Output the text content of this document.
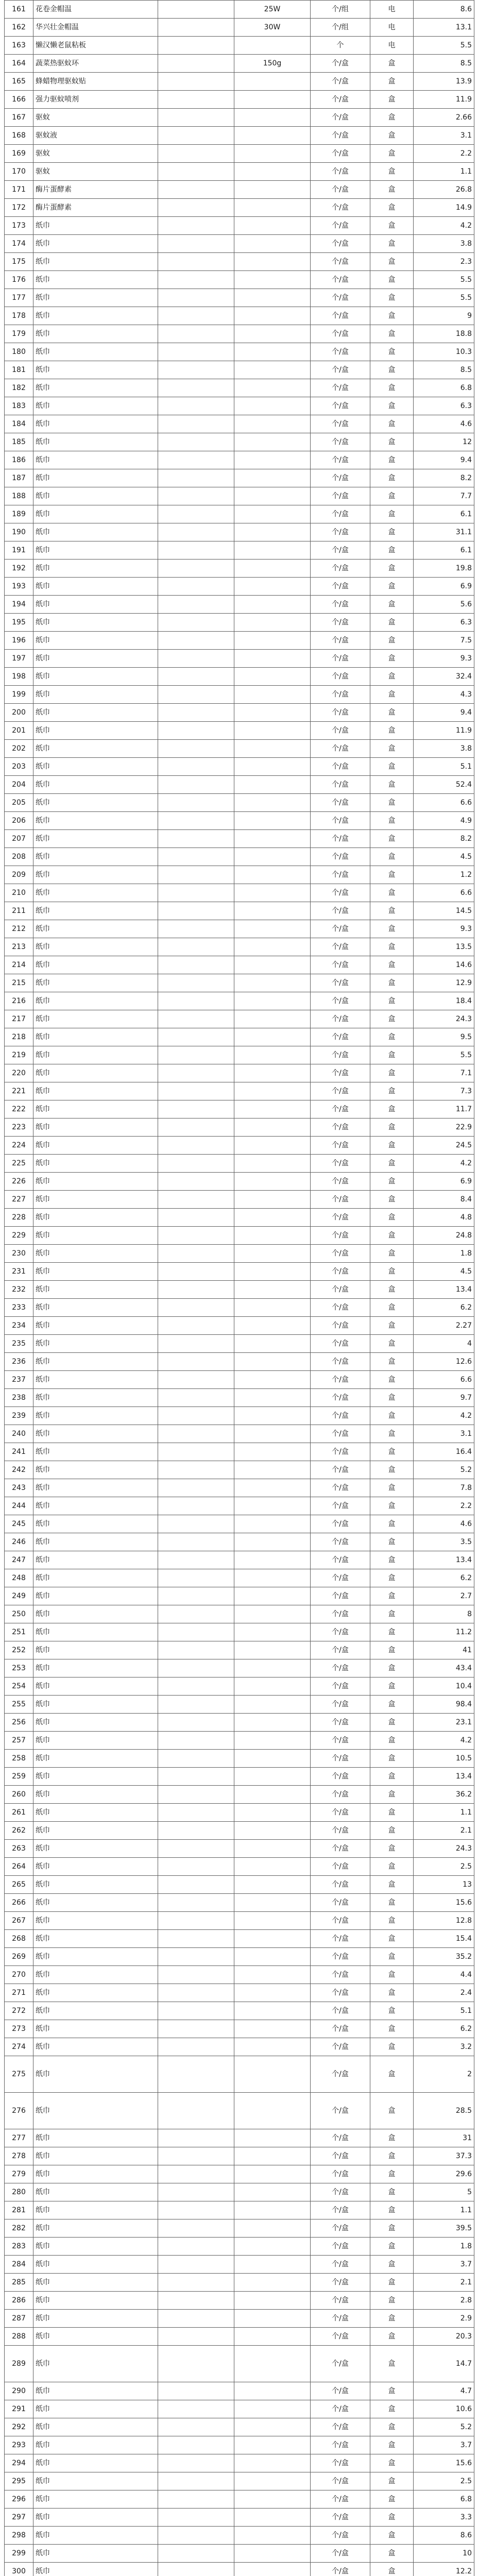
161	花卷金帽温		25W	个/组	电	8.6
162	华兴壮金帽温		30W	个/组	电	13.1
163	懒汉懒老鼠粘板			个	电	5.5
164	蔬菜热驱蚊环		150g	个/盒	盒	8.5
165	蜂蜡物理驱蚊贴			个/盒	盒	13.9
166	强力驱蚊喷剂			个/盒	盒	11.9
167	驱蚊			个/盒	盒	2.66
168	驱蚊液			个/盒	盒	3.1
169	驱蚊			个/盒	盒	2.2
170	驱蚊			个/盒	盒	1.1
171	酶片蛋酵素			个/盒	盒	26.8
172	酶片蛋酵素			个/盒	盒	14.9
173	纸巾			个/盒	盒	4.2
174	纸巾			个/盒	盒	3.8
175	纸巾			个/盒	盒	2.3
176	纸巾			个/盒	盒	5.5
177	纸巾			个/盒	盒	5.5
178	纸巾			个/盒	盒	9
179	纸巾			个/盒	盒	18.8
180	纸巾			个/盒	盒	10.3
181	纸巾			个/盒	盒	8.5
182	纸巾			个/盒	盒	6.8
183	纸巾			个/盒	盒	6.3
184	纸巾			个/盒	盒	4.6
185	纸巾			个/盒	盒	12
186	纸巾			个/盒	盒	9.4
187	纸巾			个/盒	盒	8.2
188	纸巾			个/盒	盒	7.7
189	纸巾			个/盒	盒	6.1
190	纸巾			个/盒	盒	31.1
191	纸巾			个/盒	盒	6.1
192	纸巾			个/盒	盒	19.8
193	纸巾			个/盒	盒	6.9
194	纸巾			个/盒	盒	5.6
195	纸巾			个/盒	盒	6.3
196	纸巾			个/盒	盒	7.5
197	纸巾			个/盒	盒	9.3
198	纸巾			个/盒	盒	32.4
199	纸巾			个/盒	盒	4.3
200	纸巾			个/盒	盒	9.4
201	纸巾			个/盒	盒	11.9
202	纸巾			个/盒	盒	3.8
203	纸巾			个/盒	盒	5.1
204	纸巾			个/盒	盒	52.4
205	纸巾			个/盒	盒	6.6
206	纸巾			个/盒	盒	4.9
207	纸巾			个/盒	盒	8.2
208	纸巾			个/盒	盒	4.5
209	纸巾			个/盒	盒	1.2
210	纸巾			个/盒	盒	6.6
211	纸巾			个/盒	盒	14.5
212	纸巾			个/盒	盒	9.3
213	纸巾			个/盒	盒	13.5
214	纸巾			个/盒	盒	14.6
215	纸巾			个/盒	盒	12.9
216	纸巾			个/盒	盒	18.4
217	纸巾			个/盒	盒	24.3
218	纸巾			个/盒	盒	9.5
219	纸巾			个/盒	盒	5.5
220	纸巾			个/盒	盒	7.1
221	纸巾			个/盒	盒	7.3
222	纸巾			个/盒	盒	11.7
223	纸巾			个/盒	盒	22.9
224	纸巾			个/盒	盒	24.5
225	纸巾			个/盒	盒	4.2
226	纸巾			个/盒	盒	6.9
227	纸巾			个/盒	盒	8.4
228	纸巾			个/盒	盒	4.8
229	纸巾			个/盒	盒	24.8
230	纸巾			个/盒	盒	1.8
231	纸巾			个/盒	盒	4.5
232	纸巾			个/盒	盒	13.4
233	纸巾			个/盒	盒	6.2
234	纸巾			个/盒	盒	2.27
235	纸巾			个/盒	盒	4
236	纸巾			个/盒	盒	12.6
237	纸巾			个/盒	盒	6.6
238	纸巾			个/盒	盒	9.7
239	纸巾			个/盒	盒	4.2
240	纸巾			个/盒	盒	3.1
241	纸巾			个/盒	盒	16.4
242	纸巾			个/盒	盒	5.2
243	纸巾			个/盒	盒	7.8
244	纸巾			个/盒	盒	2.2
245	纸巾			个/盒	盒	4.6
246	纸巾			个/盒	盒	3.5
247	纸巾			个/盒	盒	13.4
248	纸巾			个/盒	盒	6.2
249	纸巾			个/盒	盒	2.7
250	纸巾			个/盒	盒	8
251	纸巾			个/盒	盒	11.2
252	纸巾			个/盒	盒	41
253	纸巾			个/盒	盒	43.4
254	纸巾			个/盒	盒	10.4
255	纸巾			个/盒	盒	98.4
256	纸巾			个/盒	盒	23.1
257	纸巾			个/盒	盒	4.2
258	纸巾			个/盒	盒	10.5
259	纸巾			个/盒	盒	13.4
260	纸巾			个/盒	盒	36.2
261	纸巾			个/盒	盒	1.1
262	纸巾			个/盒	盒	2.1
263	纸巾			个/盒	盒	24.3
264	纸巾			个/盒	盒	2.5
265	纸巾			个/盒	盒	13
266	纸巾			个/盒	盒	15.6
267	纸巾			个/盒	盒	12.8
268	纸巾			个/盒	盒	15.4
269	纸巾			个/盒	盒	35.2
270	纸巾			个/盒	盒	4.4
271	纸巾			个/盒	盒	2.4
272	纸巾			个/盒	盒	5.1
273	纸巾			个/盒	盒	6.2
274	纸巾			个/盒	盒	3.2
275	纸巾			个/盒	盒	2
276	纸巾			个/盒	盒	28.5
277	纸巾			个/盒	盒	31
278	纸巾			个/盒	盒	37.3
279	纸巾			个/盒	盒	29.6
280	纸巾			个/盒	盒	5
281	纸巾			个/盒	盒	1.1
282	纸巾			个/盒	盒	39.5
283	纸巾			个/盒	盒	1.8
284	纸巾			个/盒	盒	3.7
285	纸巾			个/盒	盒	2.1
286	纸巾			个/盒	盒	2.8
287	纸巾			个/盒	盒	2.9
288	纸巾			个/盒	盒	20.3
289	纸巾			个/盒	盒	14.7
290	纸巾			个/盒	盒	4.7
291	纸巾			个/盒	盒	10.6
292	纸巾			个/盒	盒	5.2
293	纸巾			个/盒	盒	3.7
294	纸巾			个/盒	盒	15.6
295	纸巾			个/盒	盒	2.5
296	纸巾			个/盒	盒	6.8
297	纸巾			个/盒	盒	3.3
298	纸巾			个/盒	盒	8.6
299	纸巾			个/盒	盒	10
300	纸巾			个/盒	盒	12.2
